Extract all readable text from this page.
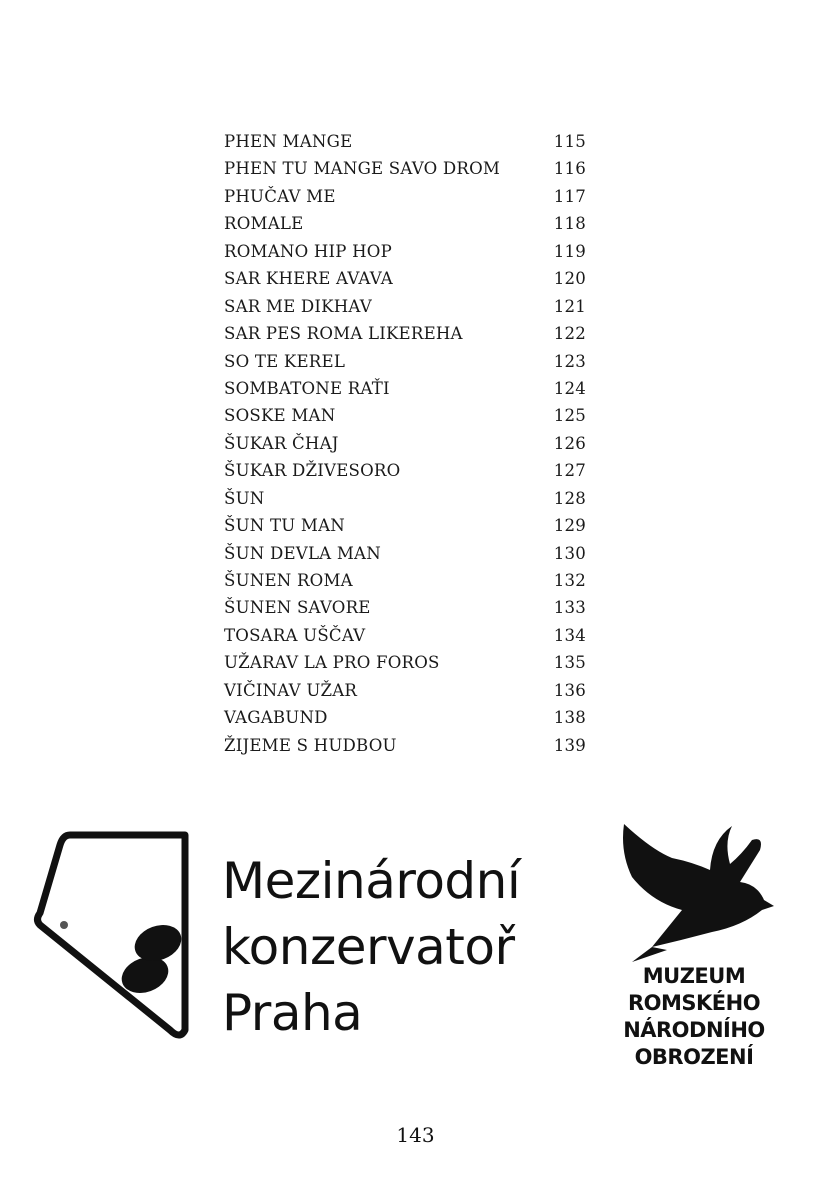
PHEN MANGE	115
PHEN TU MANGE SAVO DROM	116
PHUČAV ME	117
ROMALE	118
ROMANO HIP HOP	119
SAR KHERE AVAVA	120
SAR ME DIKHAV	121
SAR PES ROMA LIKEREHA	122
SO TE KEREL	123
SOMBATONE RAŤI	124
SOSKE MAN	125
ŠUKAR ČHAJ	126
ŠUKAR DŽIVESORO	127
ŠUN	128
ŠUN TU MAN	129
ŠUN DEVLA MAN	130
ŠUNEN ROMA	132
ŠUNEN SAVORE	133
TOSARA UŠČAV	134
UŽARAV LA PRO FOROS	135
VIČINAV UŽAR	136
VAGABUND	138
ŽIJEME S HUDBOU	139
Mezinárodní
konzervatoř
Praha
MUZEUM
ROMSKÉHO
NÁRODNÍHO
OBROZENÍ
143
